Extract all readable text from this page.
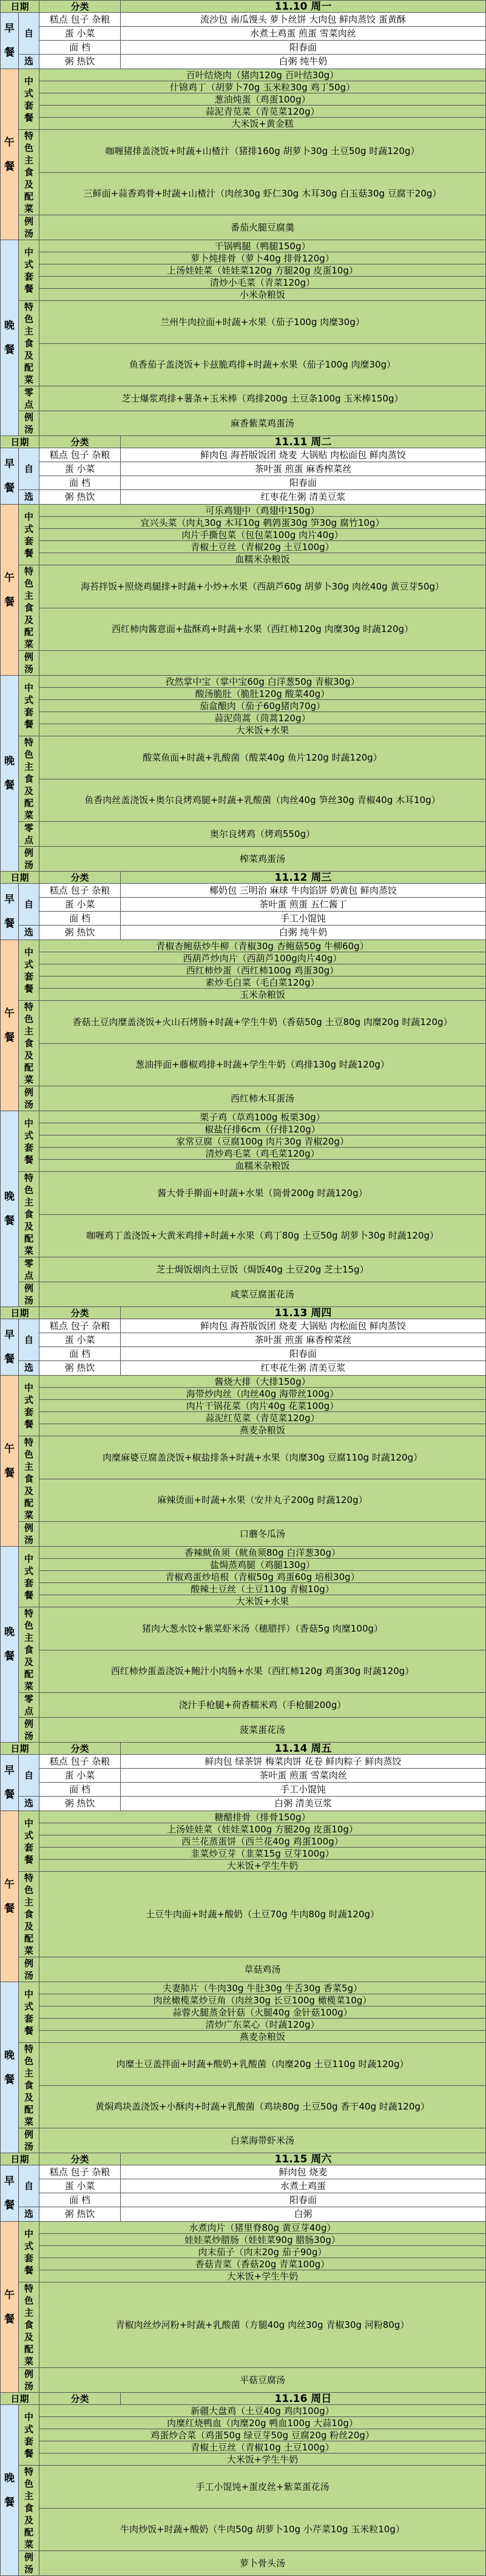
日期		分类	11.10 周一
早餐	自	糕点 包子 杂粮	流沙包 南瓜馒头 萝卜丝饼 大肉包 鲜肉蒸饺 蛋黄酥
		蛋 小菜	水煮土鸡蛋 煎蛋 雪菜肉丝
		面 档	阳春面
	选	粥 热饮	白粥 纯牛奶
午餐	中式套餐	百叶结烧肉（猪肉120g 百叶结30g）	
		什锦鸡丁（胡萝卜70g 玉米粒30g 鸡丁50g）	
		葱油炖蛋（鸡蛋100g）	
		蒜泥青苋菜（青苋菜120g）	
		大米饭+黄金糕	
	特色主食及配菜	咖喱猪排盖浇饭+时蔬+山楂汁（猪排160g 胡萝卜30g 土豆50g 时蔬120g）	
		三鲜面+蒜香鸡骨+时蔬+山楂汁（肉丝30g 虾仁30g 木耳30g 白玉菇30g 豆腐干20g）	
	例汤	番茄火腿豆腐羹	
晚餐	中式套餐	干锅鸭腿（鸭腿150g）	
		萝卜炖排骨（萝卜40g 排骨120g）	
		上汤娃娃菜（娃娃菜120g 方腿20g 皮蛋10g）	
		清炒小毛菜（青菜120g）	
		小米杂粮饭	
	特色主食及配菜	兰州牛肉拉面+时蔬+水果（茄子100g 肉糜30g）	
		鱼香茄子盖浇饭+卡兹脆鸡排+时蔬+水果（茄子100g 肉糜30g）	
	零点	芝士爆浆鸡排+薯条+玉米棒（鸡排200g 土豆条100g 玉米棒150g）	
	例汤	麻香紫菜鸡蛋汤	
日期		分类	11.11 周二
早餐	自	糕点 包子 杂粮	鲜肉包 海苔版饭团 烧麦 大锅贴 肉松面包 鲜肉蒸饺
		蛋 小菜	茶叶蛋 煎蛋 麻香榨菜丝
		面 档	阳春面
	选	粥 热饮	红枣花生粥 清美豆浆
午餐	中式套餐	可乐鸡翅中（鸡翅中150g）	
		宜兴头菜（肉丸30g 木耳10g 鹌鹑蛋30g 笋30g 腐竹10g）	
		肉片手撕包菜（包包菜100g 肉片40g）	
		青椒土豆丝（青椒20g 土豆100g）	
		血糯米杂粮饭	
	特色主食及配菜	海苔拌饭+照烧鸡腿排+时蔬+小炒+水果（西葫芦60g 胡萝卜30g 肉丝40g 黄豆芽50g）	
		西红柿肉酱意面+盐酥鸡+时蔬+水果（西红柿120g 肉糜30g 时蔬120g）	
	例汤		
晚餐	中式套餐	孜然掌中宝（掌中宝60g 白洋葱50g 青椒30g）	
		酸汤脆肚（脆肚120g 酸菜40g）	
		茄盒酿肉（茄子60g猪肉70g）	
		蒜泥茼蒿（茼蒿120g）	
		大米饭+水果	
	特色主食及配菜	酸菜鱼面+时蔬+乳酸菌（酸菜40g 鱼片120g 时蔬120g）	
		鱼香肉丝盖浇饭+奥尔良烤鸡腿+时蔬+乳酸菌（肉丝40g 笋丝30g 青椒40g 木耳10g）	
	零点	奥尔良烤鸡（烤鸡550g）	
	例汤	榨菜鸡蛋汤	
日期		分类	11.12 周三
早餐	自	糕点 包子 杂粮	椰奶包 三明治 麻球 牛肉馅饼 奶黄包 鲜肉蒸饺
		蛋 小菜	茶叶蛋 煎蛋 五仁酱丁
		面 档	手工小馄饨
	选	粥 热饮	白粥 纯牛奶
午餐	中式套餐	青椒杏鲍菇炒牛柳（青椒30g 杏鲍菇50g 牛柳60g）	
		西葫芦炒肉片（西葫芦100g肉片40g）	
		西红柿炒蛋（西红柿100g 鸡蛋30g）	
		素炒毛白菜（毛白菜120g）	
		玉米杂粮饭	
	特色主食及配菜	香菇土豆肉糜盖浇饭+火山石烤肠+时蔬+学生牛奶（香菇50g 土豆80g 肉糜20g 时蔬120g）	
		葱油拌面+藤椒鸡排+时蔬+学生牛奶（鸡排130g 时蔬120g）	
	例汤	西红柿木耳蛋汤	
晚餐	中式套餐	栗子鸡（草鸡100g 板栗30g）	
		椒盐仔排6cm（仔排120g）	
		家常豆腐（豆腐100g 肉片30g 青椒20g）	
		清炒鸡毛菜（鸡毛菜120g）	
		血糯米杂粮饭	
	特色主食及配菜	酱大骨手擀面+时蔬+水果（筒骨200g 时蔬120g）	
		咖喱鸡丁盖浇饭+大黄米鸡排+时蔬+水果（鸡丁80g 土豆50g 胡萝卜30g 时蔬120g）	
	零点	芝士焗饭烟肉土豆饭（焗饭40g 土豆20g 芝士15g）	
	例汤	咸菜豆腐蛋花汤	
日期		分类	11.13 周四
早餐	自	糕点 包子 杂粮	鲜肉包 海苔版饭团 烧麦 大锅贴 肉松面包 鲜肉蒸饺
		蛋 小菜	茶叶蛋 煎蛋 麻香榨菜丝
		面 档	阳春面
	选	粥 热饮	红枣花生粥 清美豆浆
午餐	中式套餐	酱烧大排（大排150g）	
		海带炒肉丝（肉丝40g 海带丝100g）	
		肉片干锅花菜（肉片40g 花菜100g）	
		蒜泥红苋菜（青苋菜120g）	
		燕麦杂粮饭	
	特色主食及配菜	肉糜麻婆豆腐盖浇饭+椒盐排条+时蔬+水果（肉糜30g 豆腐110g 时蔬120g）	
		麻辣烫面+时蔬+水果（安井丸子200g 时蔬120g）	
	例汤	口蘑冬瓜汤	
晚餐	中式套餐	香辣鱿鱼须（鱿鱼须80g 白洋葱30g）	
		盐焗蒸鸡腿（鸡腿130g）	
		青椒鸡蛋炒培根（青椒50g 鸡蛋60g 培根30g）	
		酸辣土豆丝（土豆110g 青椒10g）	
		大米饭+水果	
	特色主食及配菜	猪肉大葱水饺+紫菜虾米汤（穗腊拌）（香菇5g 肉糜100g）	
		西红柿炒蛋盖浇饭+鲍汁小肉肠+水果（西红柿120g 鸡蛋30g 时蔬120g）	
	零点	浇汁手枪腿+荷香糯米鸡（手枪腿200g）	
	例汤	菠菜蛋花汤	
日期		分类	11.14 周五
早餐	自	糕点 包子 杂粮	鲜肉包 绿茶饼 梅菜肉饼 花卷 鲜肉粽子 鲜肉蒸饺
		蛋 小菜	茶叶蛋 煎蛋 雪菜肉丝
		面 档	手工小馄饨
	选	粥 热饮	白粥 清美豆浆
午餐	中式套餐	糖醋排骨（排骨150g）	
		上汤娃娃菜（娃娃菜100g 方腿20g 皮蛋10g）	
		西兰花蒸蛋饼（西兰花40g 鸡蛋100g）	
		韭菜炒豆芽（韭菜15g 豆芽100g）	
		大米饭+学生牛奶	
	特色主食及配菜	土豆牛肉面+时蔬+酸奶（土豆70g 牛肉80g 时蔬120g）	
	例汤	草菇鸡汤	
晚餐	中式套餐	夫妻肺片（牛肉30g 牛肚30g 牛舌30g 香菜5g）	
		肉丝橄榄菜炒豆角（肉丝30g 长豆100g 橄榄菜10g）	
		蒜蓉火腿蒸金针菇（火腿40g 金针菇100g）	
		清炒广东菜心（时蔬120g）	
		燕麦杂粮饭	
	特色主食及配菜	肉糜土豆盖拌面+时蔬+酸奶+乳酸菌（肉糜20g 土豆110g 时蔬120g）	
		黄焖鸡块盖浇饭+小酥肉+时蔬+乳酸菌（鸡块80g 土豆50g 香干40g 时蔬120g）	
	例汤	白菜海带虾米汤	
日期		分类	11.15 周六
早餐	自	糕点 包子 杂粮	鲜肉包 烧麦
		蛋 小菜	水煮土鸡蛋
		面 档	阳春面
	选	粥 热饮	白粥
午餐	中式套餐	水煮肉片（猪里脊80g 黄豆芽40g）	
		娃娃菜炒腊肠（娃娃菜90g 腊肠30g）	
		肉末茄子（肉末20g 茄子90g）	
		香菇青菜（香菇20g 青菜100g）	
		大米饭+学生牛奶	
	特色主食及配菜	青椒肉丝炒河粉+时蔬+乳酸菌（方腿40g 肉丝30g 青椒30g 河粉80g）	
	例汤	平菇豆腐汤	
日期		分类	11.16 周日
晚餐	中式套餐	新疆大盘鸡（土豆40g 鸡肉100g）	
		肉糜红烧鸭血（肉糜20g 鸭血100g 大蒜10g）	
		鸡蛋炒合菜（鸡蛋50g 绿豆芽50g 豆腐20g 粉丝20g）	
		青椒土豆丝（青椒10g 土豆100g）	
		大米饭+学生牛奶	
	特色主食及配菜	手工小馄饨+蛋皮丝+紫菜蛋花汤	
		牛肉炒饭+时蔬+酸奶（牛肉50g 胡萝卜10g 小芹菜10g 玉米粒10g）	
	例汤	萝卜骨头汤	
